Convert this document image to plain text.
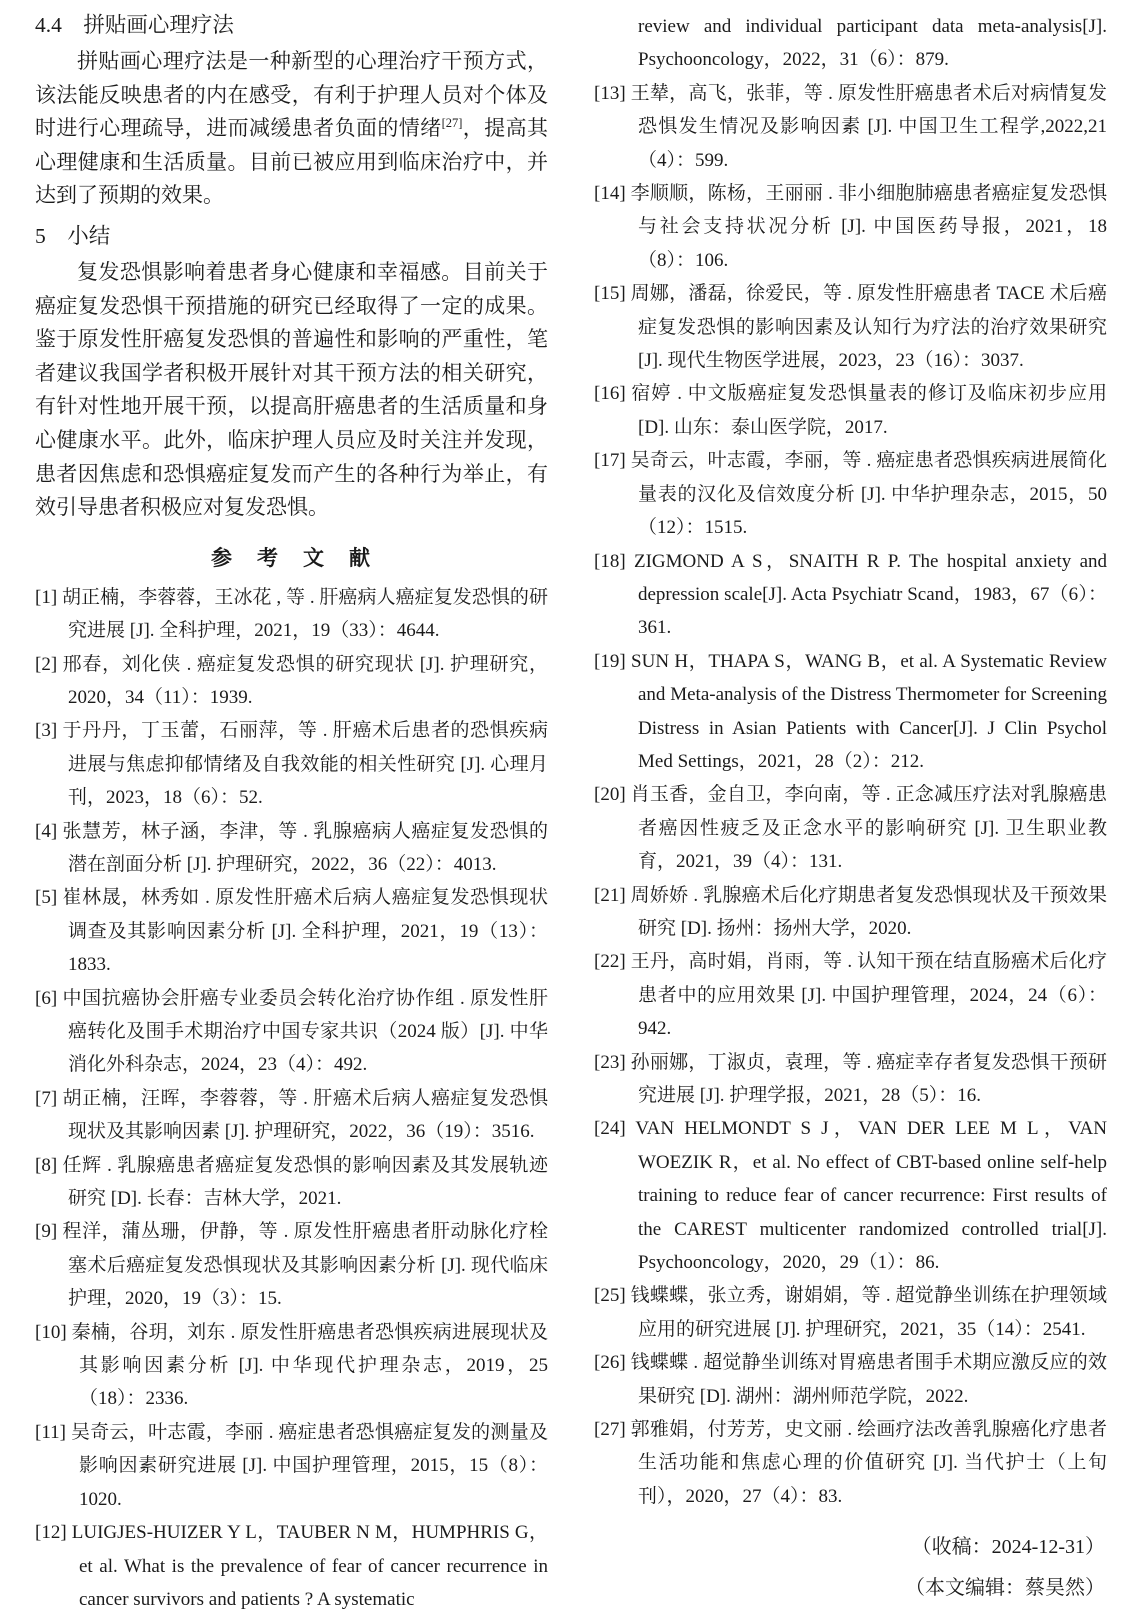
4.4　拼贴画心理疗法

拼贴画心理疗法是一种新型的心理治疗干预方式，该法能反映患者的内在感受，有利于护理人员对个体及时进行心理疏导，进而减缓患者负面的情绪[27]，提高其心理健康和生活质量。目前已被应用到临床治疗中，并达到了预期的效果。

5　小结

复发恐惧影响着患者身心健康和幸福感。目前关于癌症复发恐惧干预措施的研究已经取得了一定的成果。鉴于原发性肝癌复发恐惧的普遍性和影响的严重性，笔者建议我国学者积极开展针对其干预方法的相关研究，有针对性地开展干预，以提高肝癌患者的生活质量和身心健康水平。此外，临床护理人员应及时关注并发现，患者因焦虑和恐惧癌症复发而产生的各种行为举止，有效引导患者积极应对复发恐惧。

参　考　文　献
[1] 胡正楠，李蓉蓉，王冰花 , 等 . 肝癌病人癌症复发恐惧的研究进展 [J]. 全科护理，2021，19（33）：4644.
[2] 邢春，刘化侠 . 癌症复发恐惧的研究现状 [J]. 护理研究，2020，34（11）：1939.
[3] 于丹丹，丁玉蕾，石丽萍，等 . 肝癌术后患者的恐惧疾病进展与焦虑抑郁情绪及自我效能的相关性研究 [J]. 心理月刊，2023，18（6）：52.
[4] 张慧芳，林子涵，李津，等 . 乳腺癌病人癌症复发恐惧的潜在剖面分析 [J]. 护理研究，2022，36（22）：4013.
[5] 崔林晟，林秀如 . 原发性肝癌术后病人癌症复发恐惧现状调查及其影响因素分析 [J]. 全科护理，2021，19（13）：1833.
[6] 中国抗癌协会肝癌专业委员会转化治疗协作组 . 原发性肝癌转化及围手术期治疗中国专家共识（2024 版）[J]. 中华消化外科杂志，2024，23（4）：492.
[7] 胡正楠，汪晖，李蓉蓉，等 . 肝癌术后病人癌症复发恐惧现状及其影响因素 [J]. 护理研究，2022，36（19）：3516.
[8] 任辉 . 乳腺癌患者癌症复发恐惧的影响因素及其发展轨迹研究 [D]. 长春：吉林大学，2021.
[9] 程洋，蒲丛珊，伊静，等 . 原发性肝癌患者肝动脉化疗栓塞术后癌症复发恐惧现状及其影响因素分析 [J]. 现代临床护理，2020，19（3）：15.
[10] 秦楠，谷玥，刘东 . 原发性肝癌患者恐惧疾病进展现状及其影响因素分析 [J]. 中华现代护理杂志，2019，25（18）：2336.
[11] 吴奇云，叶志霞，李丽 . 癌症患者恐惧癌症复发的测量及影响因素研究进展 [J]. 中国护理管理，2015，15（8）：1020.
[12] LUIGJES-HUIZER Y L，TAUBER N M，HUMPHRIS G，et al. What is the prevalence of fear of cancer recurrence in cancer survivors and patients ? A systematic

review and individual participant data meta-analysis[J]. Psychooncology，2022，31（6）：879.

[13] 王辇，高飞，张菲，等 . 原发性肝癌患者术后对病情复发恐惧发生情况及影响因素 [J]. 中国卫生工程学,2022,21（4）：599.
[14] 李顺顺，陈杨，王丽丽 . 非小细胞肺癌患者癌症复发恐惧与社会支持状况分析 [J]. 中国医药导报，2021，18（8）：106.
[15] 周娜，潘磊，徐爱民，等 . 原发性肝癌患者 TACE 术后癌症复发恐惧的影响因素及认知行为疗法的治疗效果研究 [J]. 现代生物医学进展，2023，23（16）：3037.
[16] 宿婷 . 中文版癌症复发恐惧量表的修订及临床初步应用 [D]. 山东：泰山医学院，2017.
[17] 吴奇云，叶志霞，李丽，等 . 癌症患者恐惧疾病进展简化量表的汉化及信效度分析 [J]. 中华护理杂志，2015，50（12）：1515.
[18] ZIGMOND A S，SNAITH R P. The hospital anxiety and depression scale[J]. Acta Psychiatr Scand，1983，67（6）：361.
[19] SUN H，THAPA S，WANG B，et al. A Systematic Review and Meta-analysis of the Distress Thermometer for Screening Distress in Asian Patients with Cancer[J]. J Clin Psychol Med Settings，2021，28（2）：212.
[20] 肖玉香，金自卫，李向南，等 . 正念减压疗法对乳腺癌患者癌因性疲乏及正念水平的影响研究 [J]. 卫生职业教育，2021，39（4）：131.
[21] 周娇娇 . 乳腺癌术后化疗期患者复发恐惧现状及干预效果研究 [D]. 扬州：扬州大学，2020.
[22] 王丹，高时娟，肖雨，等 . 认知干预在结直肠癌术后化疗患者中的应用效果 [J]. 中国护理管理，2024，24（6）：942.
[23] 孙丽娜，丁淑贞，袁理，等 . 癌症幸存者复发恐惧干预研究进展 [J]. 护理学报，2021，28（5）：16.
[24] VAN HELMONDT S J，VAN DER LEE M L，VAN WOEZIK R，et al. No effect of CBT-based online self-help training to reduce fear of cancer recurrence: First results of the CAREST multicenter randomized controlled trial[J]. Psychooncology，2020，29（1）：86.
[25] 钱蝶蝶，张立秀，谢娟娟，等 . 超觉静坐训练在护理领域应用的研究进展 [J]. 护理研究，2021，35（14）：2541.
[26] 钱蝶蝶 . 超觉静坐训练对胃癌患者围手术期应激反应的效果研究 [D]. 湖州：湖州师范学院，2022.
[27] 郭雅娟，付芳芳，史文丽 . 绘画疗法改善乳腺癌化疗患者生活功能和焦虑心理的价值研究 [J]. 当代护士（上旬刊），2020，27（4）：83.
（收稿：2024-12-31）
（本文编辑：蔡昊然）
